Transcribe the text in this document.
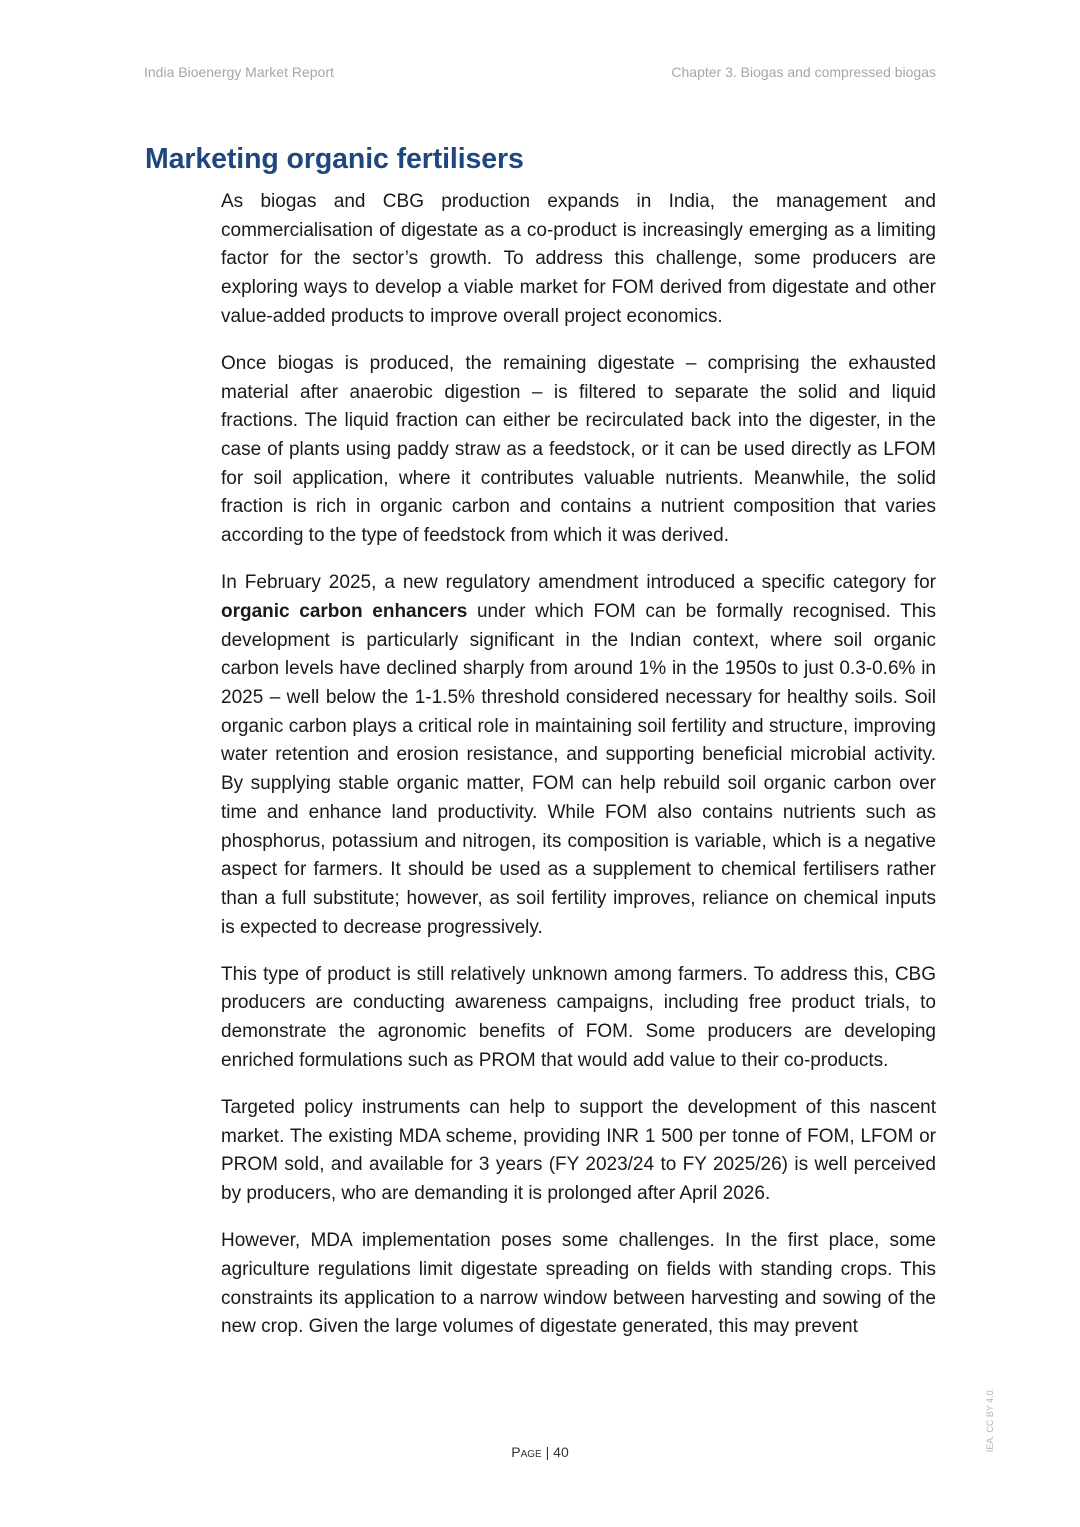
India Bioenergy Market Report	Chapter 3. Biogas and compressed biogas
Marketing organic fertilisers

As biogas and CBG production expands in India, the management and commercialisation of digestate as a co-product is increasingly emerging as a limiting factor for the sector’s growth. To address this challenge, some producers are exploring ways to develop a viable market for FOM derived from digestate and other value-added products to improve overall project economics.

Once biogas is produced, the remaining digestate – comprising the exhausted material after anaerobic digestion – is filtered to separate the solid and liquid fractions. The liquid fraction can either be recirculated back into the digester, in the case of plants using paddy straw as a feedstock, or it can be used directly as LFOM for soil application, where it contributes valuable nutrients. Meanwhile, the solid fraction is rich in organic carbon and contains a nutrient composition that varies according to the type of feedstock from which it was derived.

In February 2025, a new regulatory amendment introduced a specific category for organic carbon enhancers under which FOM can be formally recognised. This development is particularly significant in the Indian context, where soil organic carbon levels have declined sharply from around 1% in the 1950s to just 0.3-0.6% in 2025 – well below the 1-1.5% threshold considered necessary for healthy soils. Soil organic carbon plays a critical role in maintaining soil fertility and structure, improving water retention and erosion resistance, and supporting beneficial microbial activity. By supplying stable organic matter, FOM can help rebuild soil organic carbon over time and enhance land productivity. While FOM also contains nutrients such as phosphorus, potassium and nitrogen, its composition is variable, which is a negative aspect for farmers. It should be used as a supplement to chemical fertilisers rather than a full substitute; however, as soil fertility improves, reliance on chemical inputs is expected to decrease progressively.

This type of product is still relatively unknown among farmers. To address this, CBG producers are conducting awareness campaigns, including free product trials, to demonstrate the agronomic benefits of FOM. Some producers are developing enriched formulations such as PROM that would add value to their co-products.

Targeted policy instruments can help to support the development of this nascent market. The existing MDA scheme, providing INR 1 500 per tonne of FOM, LFOM or PROM sold, and available for 3 years (FY 2023/24 to FY 2025/26) is well perceived by producers, who are demanding it is prolonged after April 2026.

However, MDA implementation poses some challenges. In the first place, some agriculture regulations limit digestate spreading on fields with standing crops. This constraints its application to a narrow window between harvesting and sowing of the new crop. Given the large volumes of digestate generated, this may prevent

Page | 40	IEA. CC BY 4.0.
